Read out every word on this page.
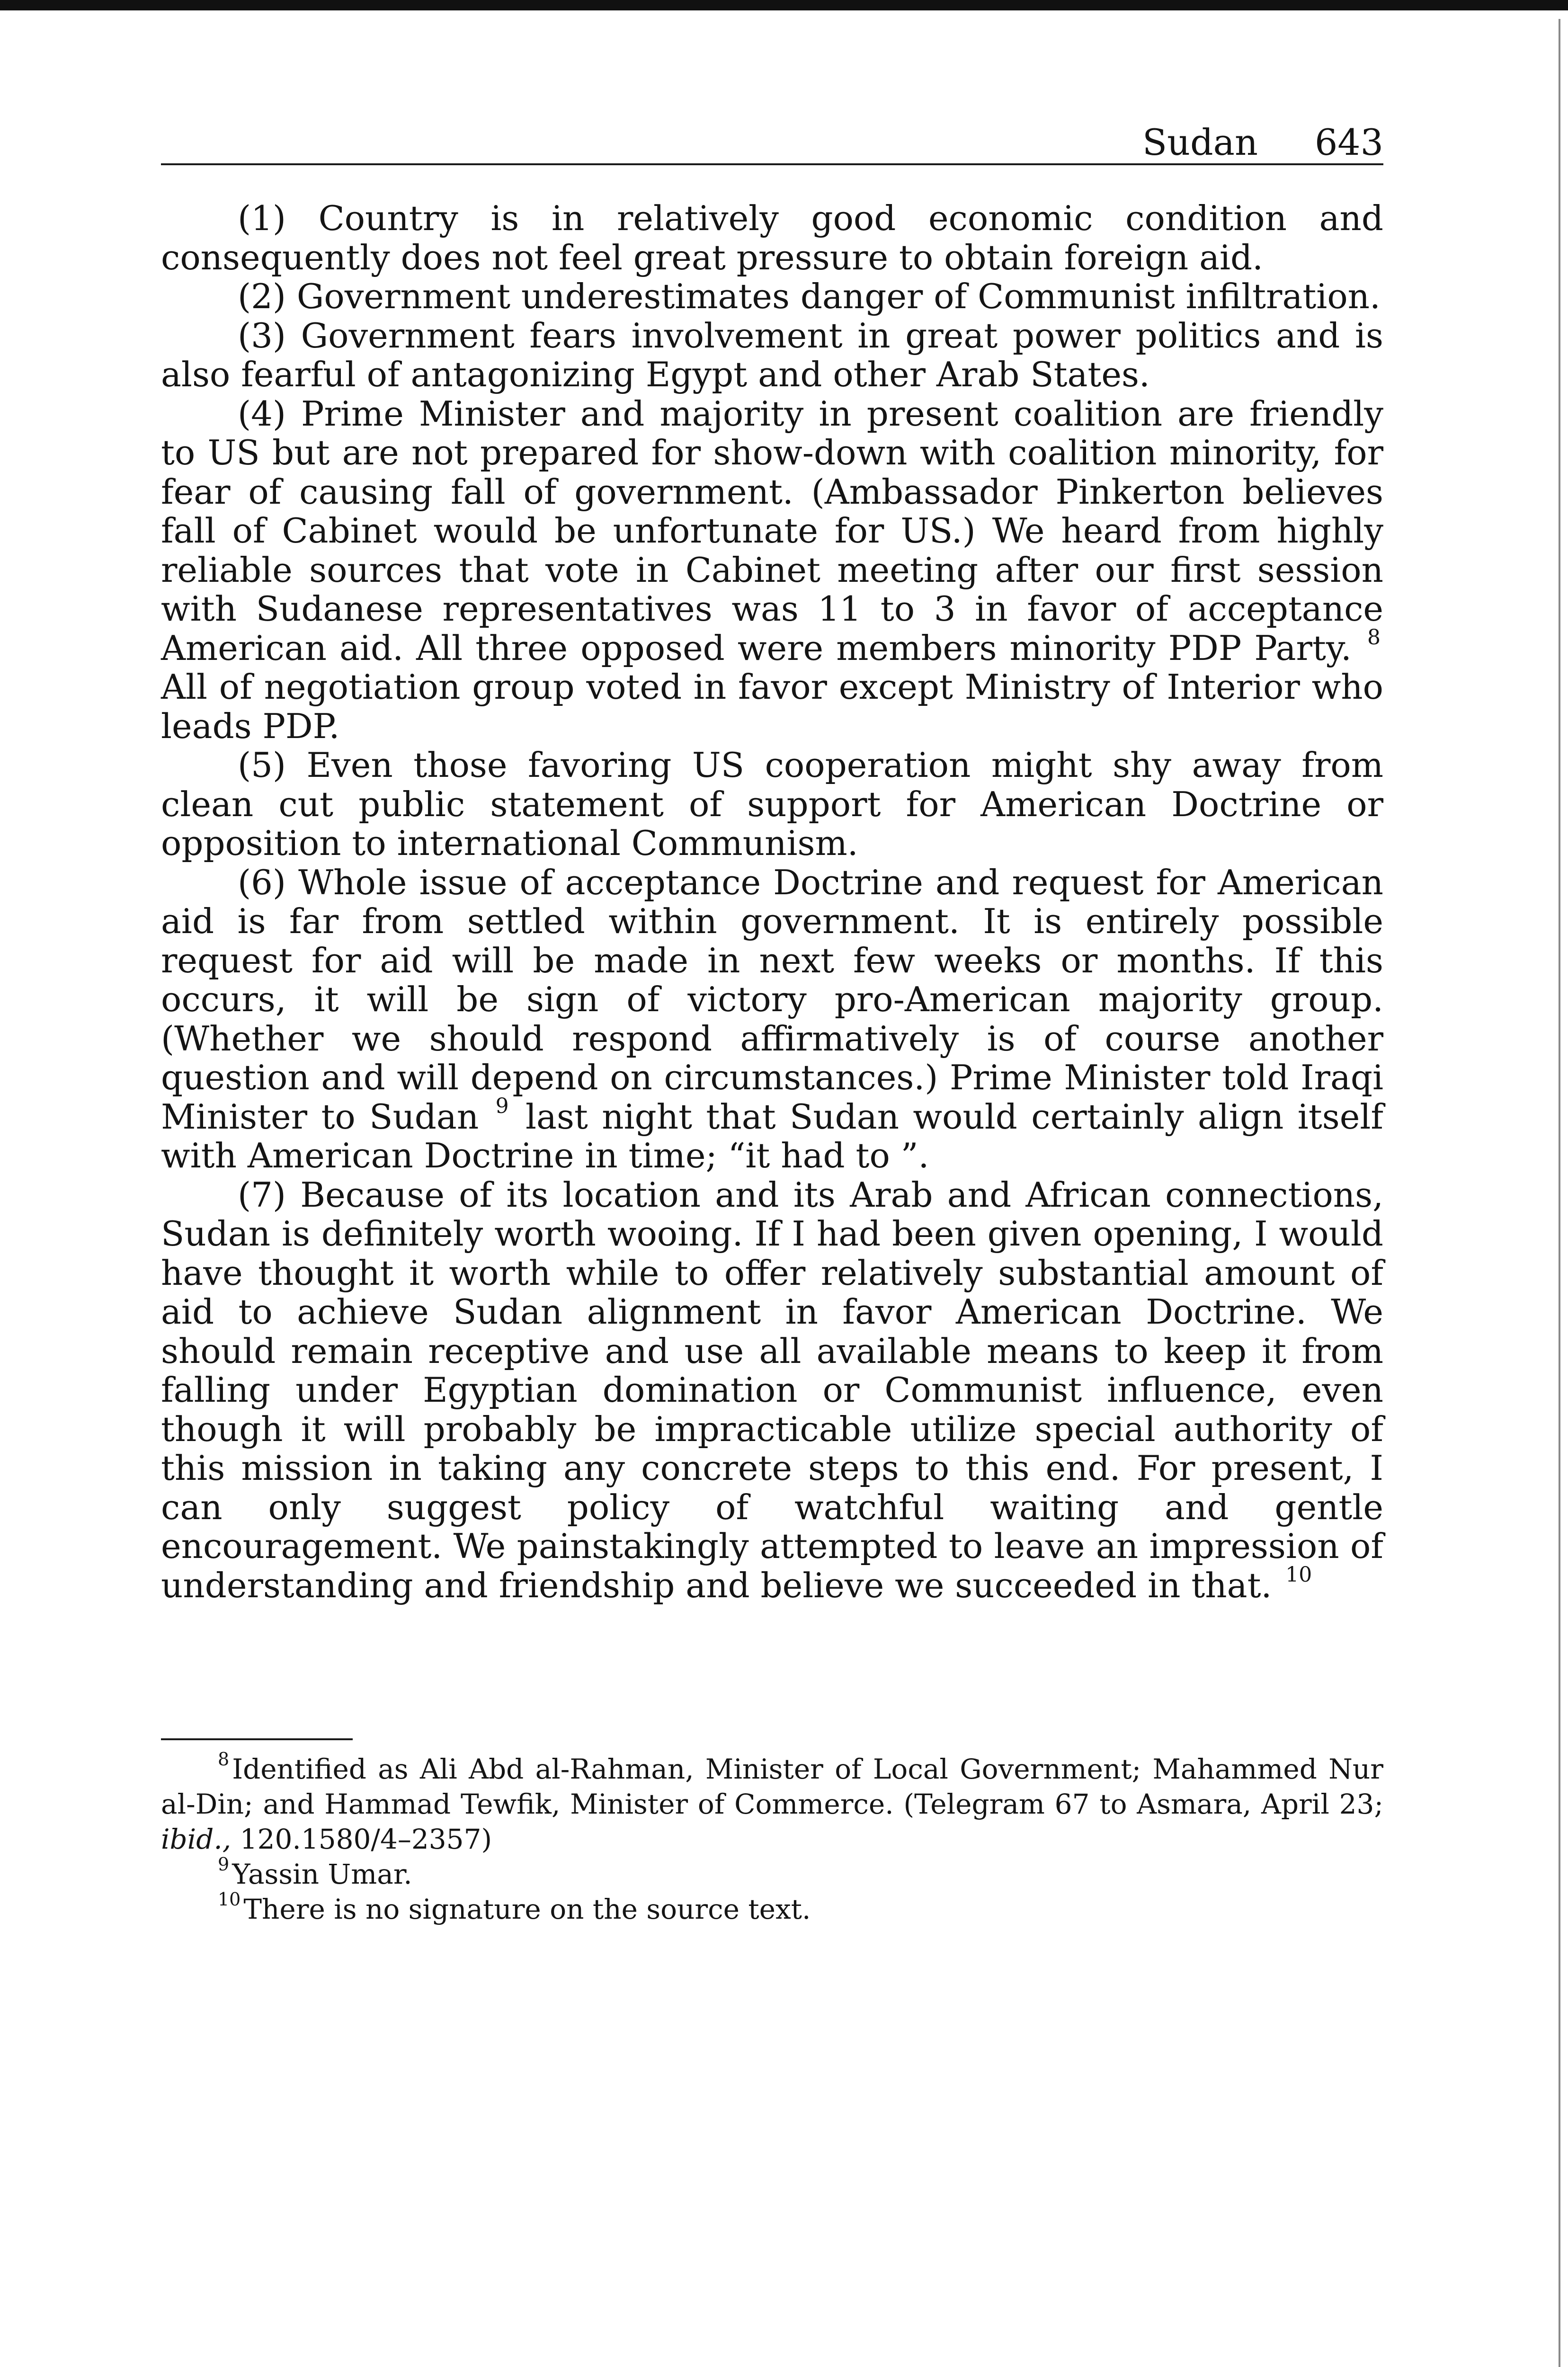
Sudan 643

(1) Country is in relatively good economic condition and consequently does not feel great pressure to obtain foreign aid.

(2) Government underestimates danger of Communist infiltration.

(3) Government fears involvement in great power politics and is also fearful of antagonizing Egypt and other Arab States.

(4) Prime Minister and majority in present coalition are friendly to US but are not prepared for show-down with coalition minority, for fear of causing fall of government. (Ambassador Pinkerton believes fall of Cabinet would be unfortunate for US.) We heard from highly reliable sources that vote in Cabinet meeting after our first session with Sudanese representatives was 11 to 3 in favor of acceptance American aid. All three opposed were members minority PDP Party. $^8$ All of negotiation group voted in favor except Ministry of Interior who leads PDP.

(5) Even those favoring US cooperation might shy away from clean cut public statement of support for American Doctrine or opposition to international Communism.

(6) Whole issue of acceptance Doctrine and request for American aid is far from settled within government. It is entirely possible request for aid will be made in next few weeks or months. If this occurs, it will be sign of victory pro-American majority group. (Whether we should respond affirmatively is of course another question and will depend on circumstances.) Prime Minister told Iraqi Minister to Sudan $^9$ last night that Sudan would certainly align itself with American Doctrine in time; “it had to ”.

(7) Because of its location and its Arab and African connections, Sudan is definitely worth wooing. If I had been given opening, I would have thought it worth while to offer relatively substantial amount of aid to achieve Sudan alignment in favor American Doctrine. We should remain receptive and use all available means to keep it from falling under Egyptian domination or Communist influence, even though it will probably be impracticable utilize special authority of this mission in taking any concrete steps to this end. For present, I can only suggest policy of watchful waiting and gentle encouragement. We painstakingly attempted to leave an impression of understanding and friendship and believe we succeeded in that. $^{10}$

$^8$ Identified as Ali Abd al-Rahman, Minister of Local Government; Mahammed Nur al-Din; and Hammad Tewfik, Minister of Commerce. (Telegram 67 to Asmara, April 23; ibid., 120.1580/4–2357)

$^9$ Yassin Umar.

$^{10}$ There is no signature on the source text.
